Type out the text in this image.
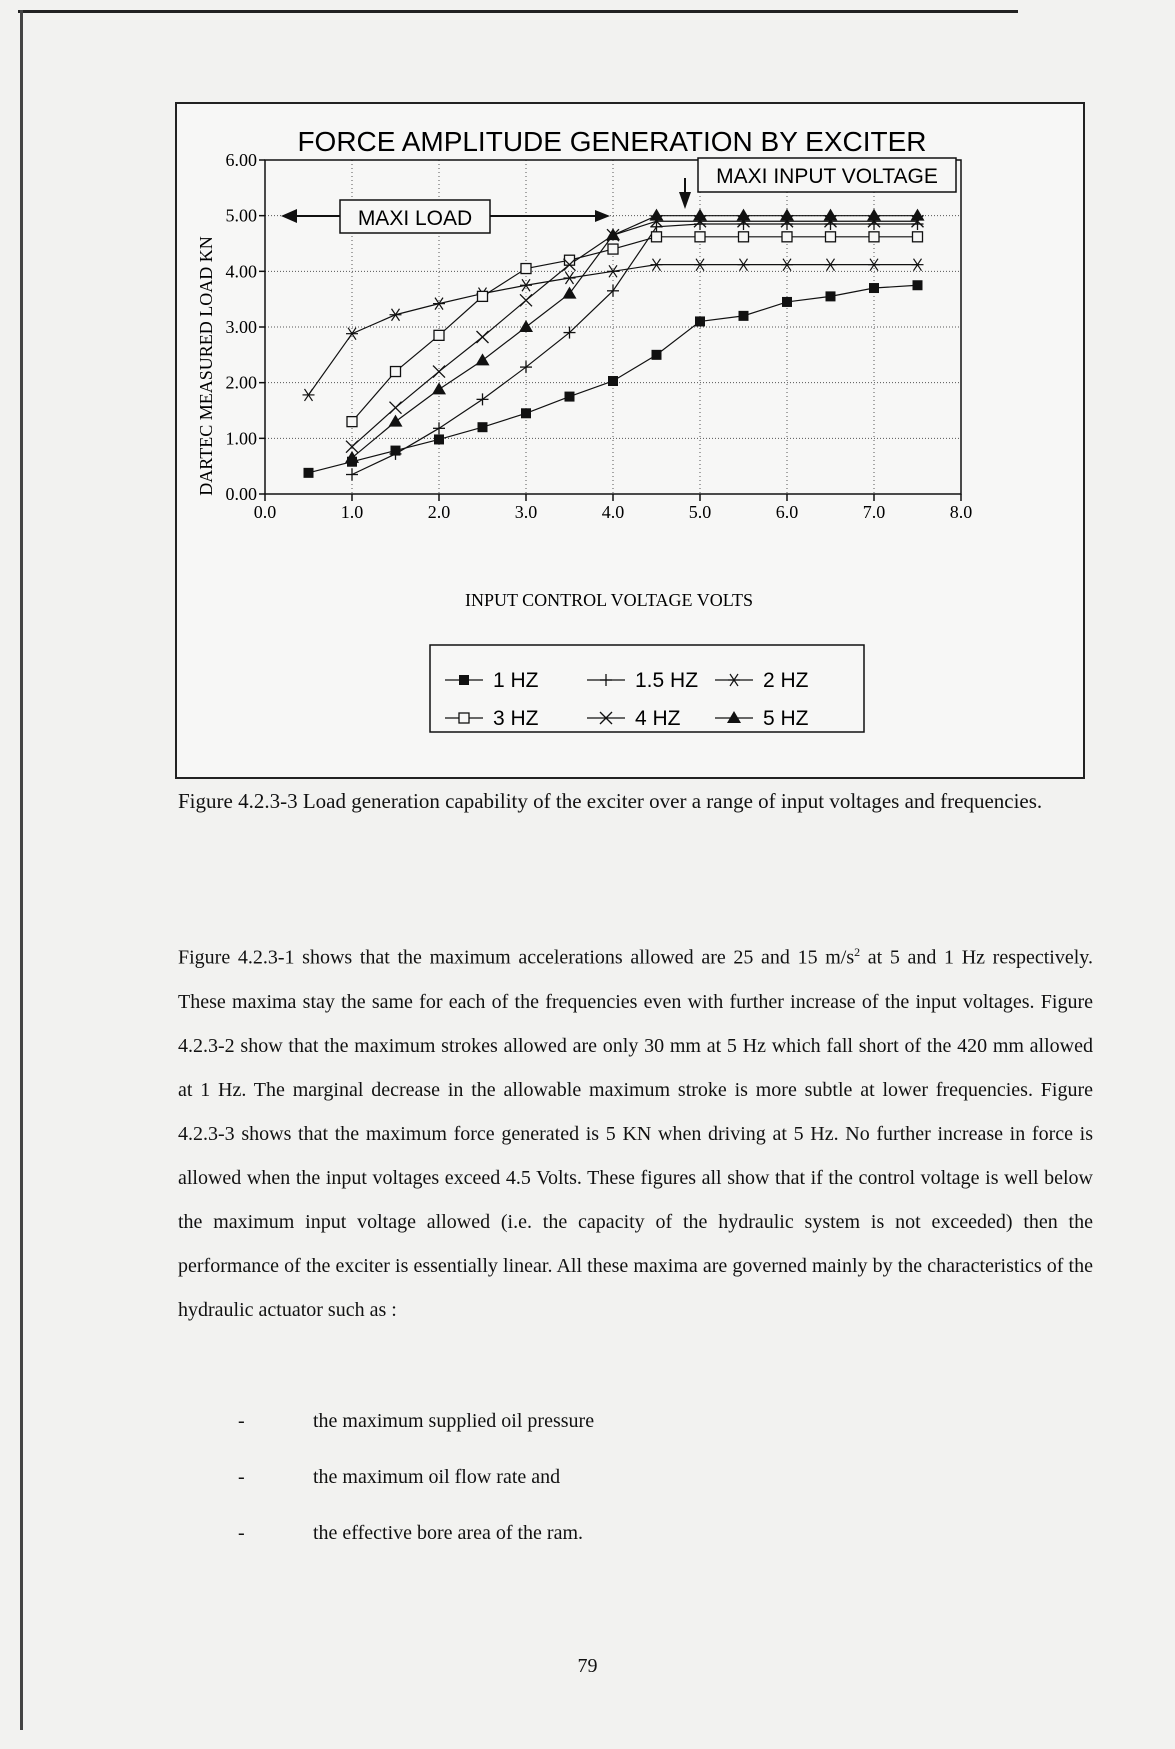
FORCE AMPLITUDE GENERATION BY EXCITER
0.0	1.0	2.0	3.0	4.0	5.0	6.0	7.0	8.0
0.00
1.00
2.00
3.00
4.00
5.00
6.00
DARTEC MEASURED LOAD KN
INPUT CONTROL VOLTAGE VOLTS
MAXI LOAD
MAXI INPUT VOLTAGE
1 HZ	1.5 HZ	2 HZ
3 HZ	4 HZ	5 HZ
Figure 4.2.3-3 Load generation capability of the exciter over a range of input voltages and frequencies.

Figure 4.2.3-1 shows that the maximum accelerations allowed are 25 and 15 $m/s^2$ at 5 and 1 Hz respectively. These maxima stay the same for each of the frequencies even with further increase of the input voltages. Figure 4.2.3-2 show that the maximum strokes allowed are only 30 mm at 5 Hz which fall short of the 420 mm allowed at 1 Hz. The marginal decrease in the allowable maximum stroke is more subtle at lower frequencies. Figure 4.2.3-3 shows that the maximum force generated is 5 KN when driving at 5 Hz. No further increase in force is allowed when the input voltages exceed 4.5 Volts. These figures all show that if the control voltage is well below the maximum input voltage allowed (i.e. the capacity of the hydraulic system is not exceeded) then the performance of the exciter is essentially linear. All these maxima are governed mainly by the characteristics of the hydraulic actuator such as :

-	the maximum supplied oil pressure
-	the maximum oil flow rate and
-	the effective bore area of the ram.
79
